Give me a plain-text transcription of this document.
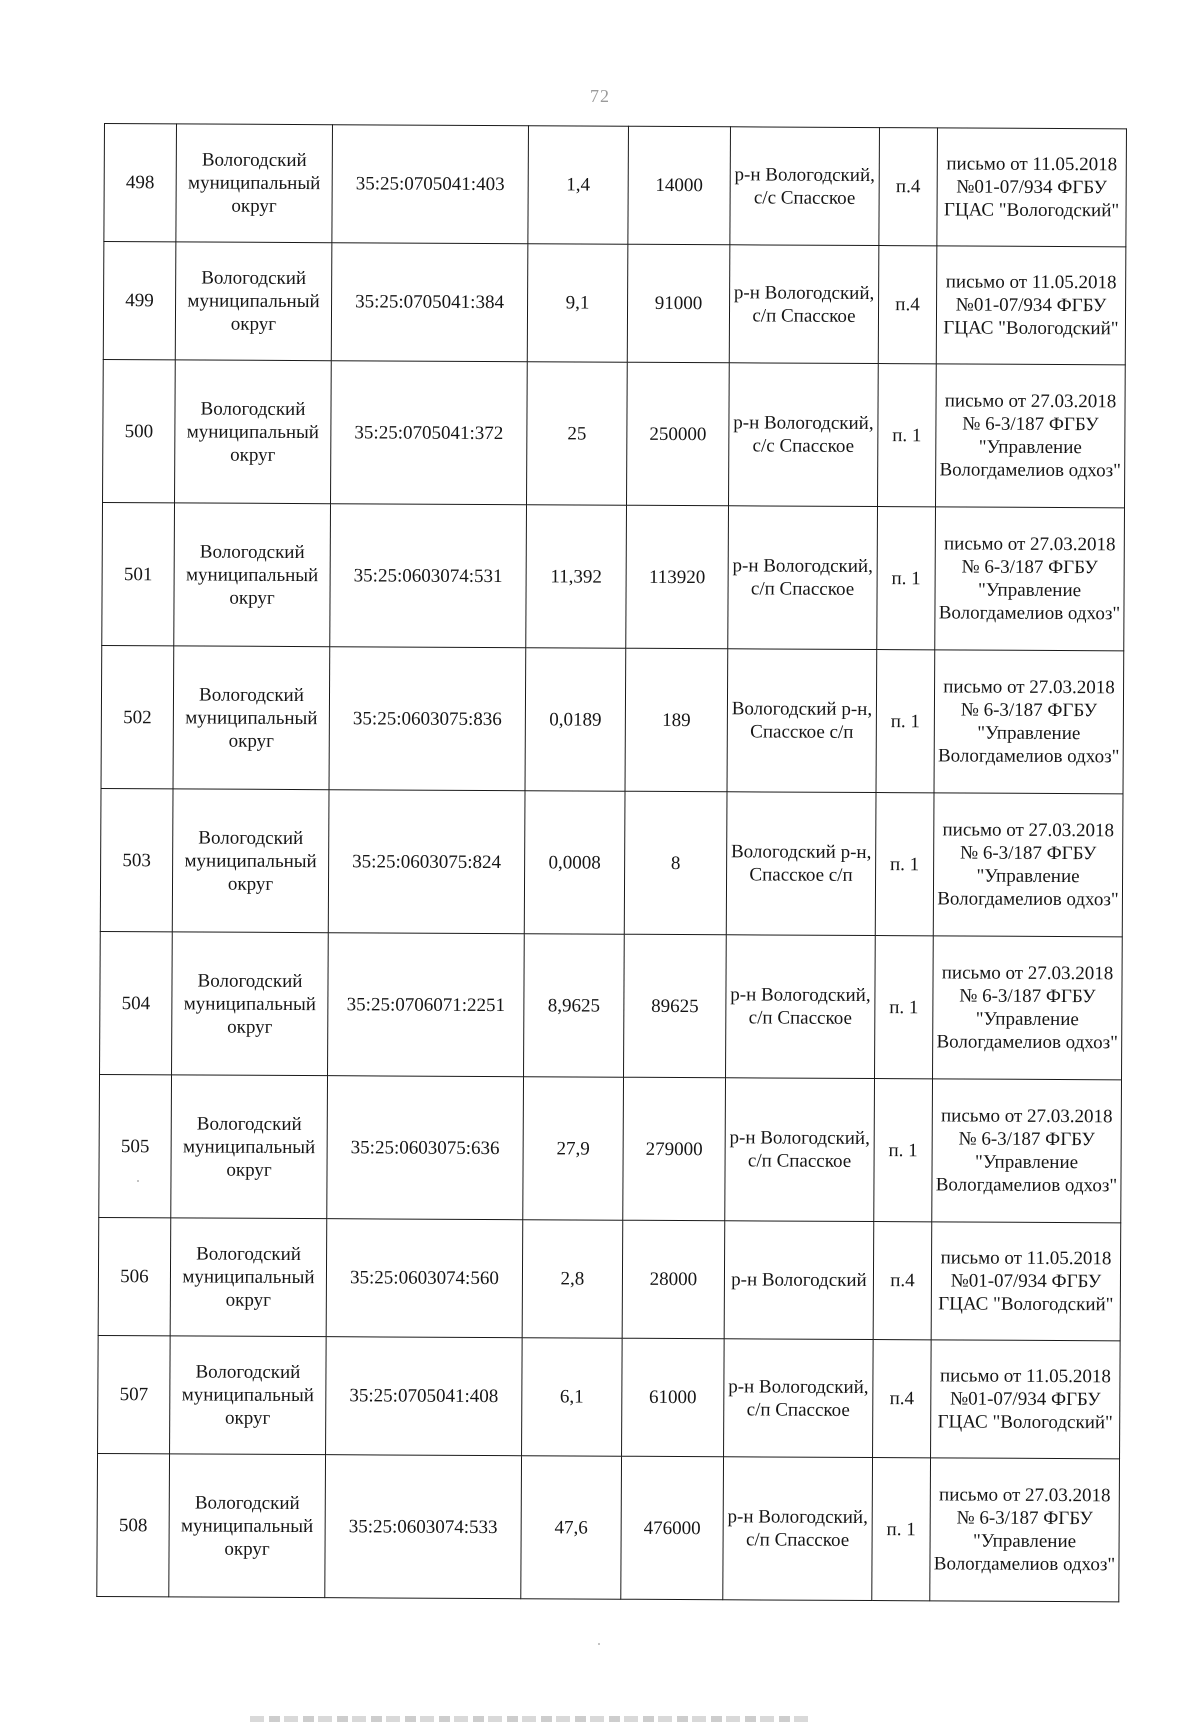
72
498	Вологодский муниципальный округ	35:25:0705041:403	1,4	14000	р-н Вологодский, с/с Спасское	п.4	письмо от 11.05.2018 №01-07/934 ФГБУ ГЦАС "Вологодский"
499	Вологодский муниципальный округ	35:25:0705041:384	9,1	91000	р-н Вологодский, с/п Спасское	п.4	письмо от 11.05.2018 №01-07/934 ФГБУ ГЦАС "Вологодский"
500	Вологодский муниципальный округ	35:25:0705041:372	25	250000	р-н Вологодский, с/с Спасское	п. 1	письмо от 27.03.2018 № 6-3/187 ФГБУ "Управление Вологдамелиов одхоз"
501	Вологодский муниципальный округ	35:25:0603074:531	11,392	113920	р-н Вологодский, с/п Спасское	п. 1	письмо от 27.03.2018 № 6-3/187 ФГБУ "Управление Вологдамелиов одхоз"
502	Вологодский муниципальный округ	35:25:0603075:836	0,0189	189	Вологодский р-н, Спасское с/п	п. 1	письмо от 27.03.2018 № 6-3/187 ФГБУ "Управление Вологдамелиов одхоз"
503	Вологодский муниципальный округ	35:25:0603075:824	0,0008	8	Вологодский р-н, Спасское с/п	п. 1	письмо от 27.03.2018 № 6-3/187 ФГБУ "Управление Вологдамелиов одхоз"
504	Вологодский муниципальный округ	35:25:0706071:2251	8,9625	89625	р-н Вологодский, с/п Спасское	п. 1	письмо от 27.03.2018 № 6-3/187 ФГБУ "Управление Вологдамелиов одхоз"
505	Вологодский муниципальный округ	35:25:0603075:636	27,9	279000	р-н Вологодский, с/п Спасское	п. 1	письмо от 27.03.2018 № 6-3/187 ФГБУ "Управление Вологдамелиов одхоз"
506	Вологодский муниципальный округ	35:25:0603074:560	2,8	28000	р-н Вологодский	п.4	письмо от 11.05.2018 №01-07/934 ФГБУ ГЦАС "Вологодский"
507	Вологодский муниципальный округ	35:25:0705041:408	6,1	61000	р-н Вологодский, с/п Спасское	п.4	письмо от 11.05.2018 №01-07/934 ФГБУ ГЦАС "Вологодский"
508	Вологодский муниципальный округ	35:25:0603074:533	47,6	476000	р-н Вологодский, с/п Спасское	п. 1	письмо от 27.03.2018 № 6-3/187 ФГБУ "Управление Вологдамелиов одхоз"
